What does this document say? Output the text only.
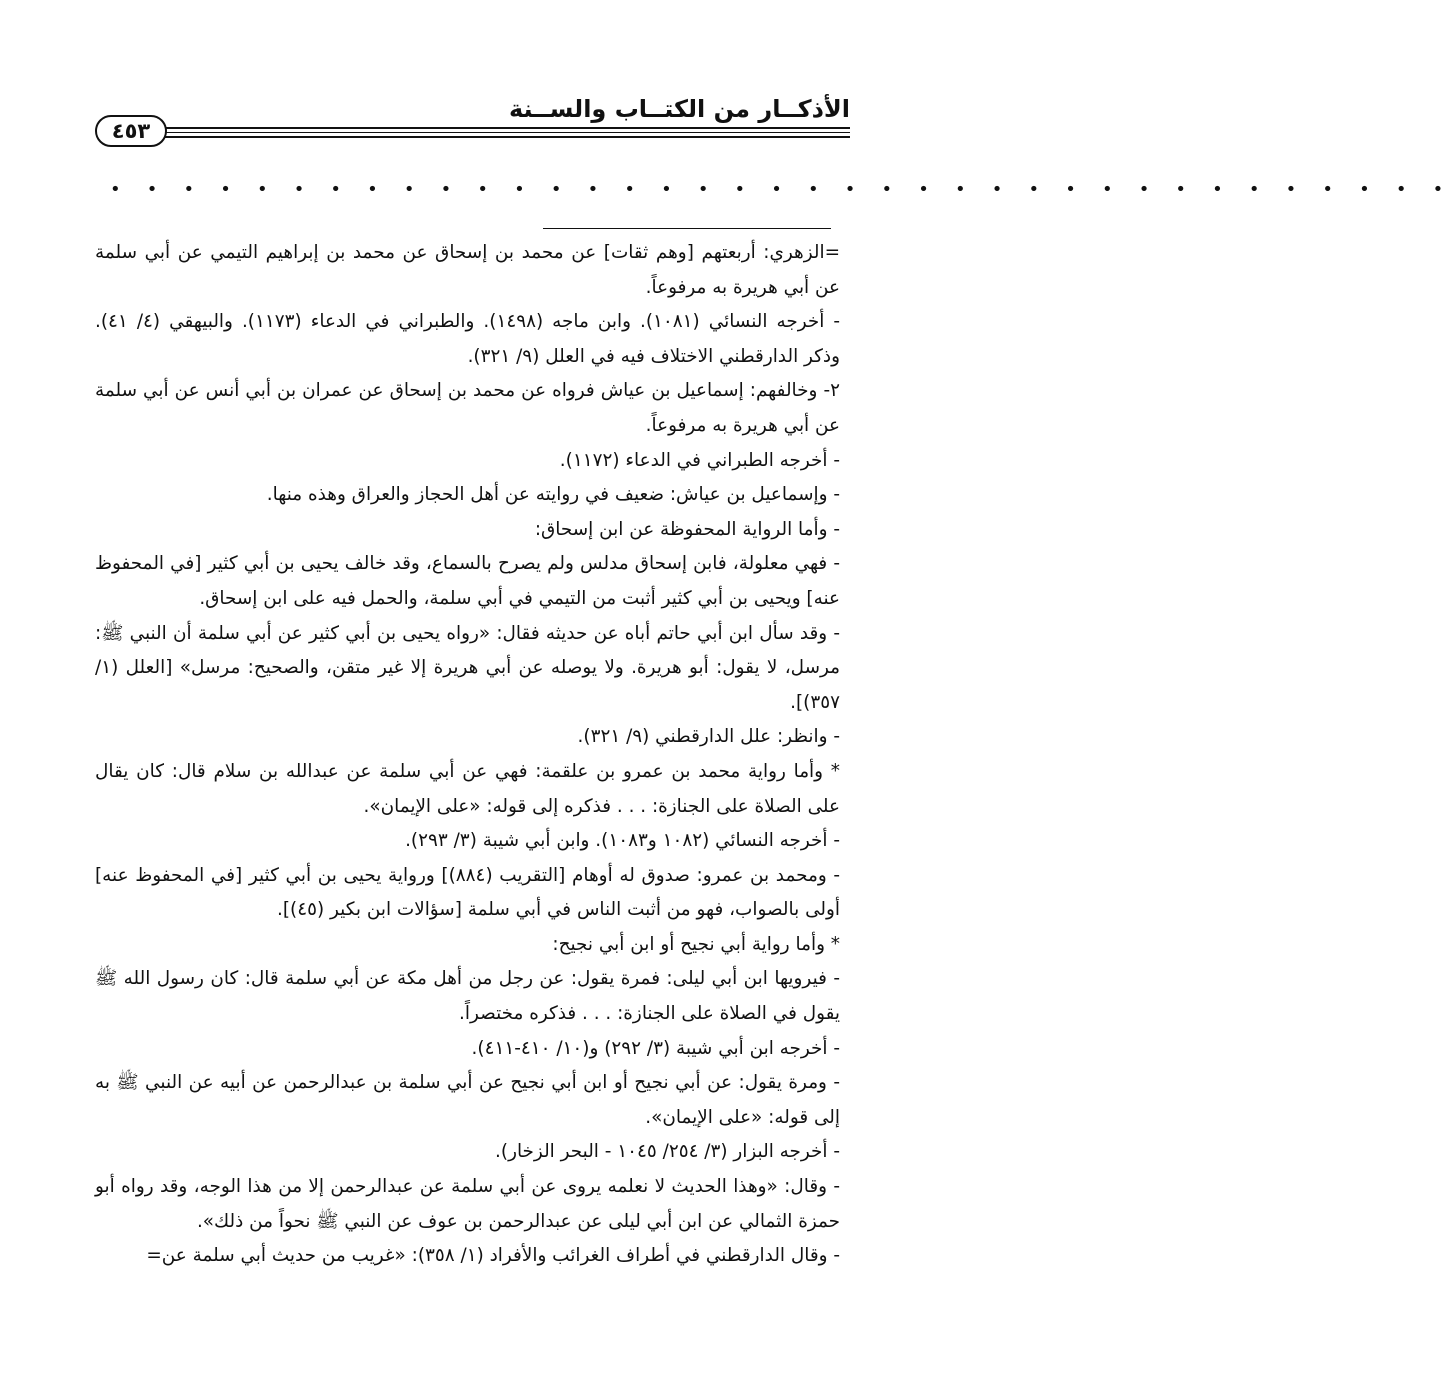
الأذكــار من الكتــاب والســنة
٤٥٣
• • • • • • • • • • • • • • • • • • • • • • • • • • • • • • • • • • • • •

=الزهري: أربعتهم [وهم ثقات] عن محمد بن إسحاق عن محمد بن إبراهيم التيمي عن أبي سلمة عن أبي هريرة به مرفوعاً.

- أخرجه النسائي (١٠٨١). وابن ماجه (١٤٩٨). والطبراني في الدعاء (١١٧٣). والبيهقي (٤/ ٤١). وذكر الدارقطني الاختلاف فيه في العلل (٩/ ٣٢١).

٢- وخالفهم: إسماعيل بن عياش فرواه عن محمد بن إسحاق عن عمران بن أبي أنس عن أبي سلمة عن أبي هريرة به مرفوعاً.

- أخرجه الطبراني في الدعاء (١١٧٢).

- وإسماعيل بن عياش: ضعيف في روايته عن أهل الحجاز والعراق وهذه منها.

- وأما الرواية المحفوظة عن ابن إسحاق:

- فهي معلولة، فابن إسحاق مدلس ولم يصرح بالسماع، وقد خالف يحيى بن أبي كثير [في المحفوظ عنه] ويحيى بن أبي كثير أثبت من التيمي في أبي سلمة، والحمل فيه على ابن إسحاق.

- وقد سأل ابن أبي حاتم أباه عن حديثه فقال: «رواه يحيى بن أبي كثير عن أبي سلمة أن النبي ﷺ: مرسل، لا يقول: أبو هريرة. ولا يوصله عن أبي هريرة إلا غير متقن، والصحيح: مرسل» [العلل (١/ ٣٥٧)].

- وانظر: علل الدارقطني (٩/ ٣٢١).

* وأما رواية محمد بن عمرو بن علقمة: فهي عن أبي سلمة عن عبدالله بن سلام قال: كان يقال على الصلاة على الجنازة: . . . فذكره إلى قوله: «على الإيمان».

- أخرجه النسائي (١٠٨٢ و١٠٨٣). وابن أبي شيبة (٣/ ٢٩٣).

- ومحمد بن عمرو: صدوق له أوهام [التقريب (٨٨٤)] ورواية يحيى بن أبي كثير [في المحفوظ عنه] أولى بالصواب، فهو من أثبت الناس في أبي سلمة [سؤالات ابن بكير (٤٥)].

* وأما رواية أبي نجيح أو ابن أبي نجيح:

- فيرويها ابن أبي ليلى: فمرة يقول: عن رجل من أهل مكة عن أبي سلمة قال: كان رسول الله ﷺ يقول في الصلاة على الجنازة: . . . فذكره مختصراً.

- أخرجه ابن أبي شيبة (٣/ ٢٩٢) و(١٠/ ٤١٠-٤١١).

- ومرة يقول: عن أبي نجيح أو ابن أبي نجيح عن أبي سلمة بن عبدالرحمن عن أبيه عن النبي ﷺ به إلى قوله: «على الإيمان».

- أخرجه البزار (٣/ ٢٥٤/ ١٠٤٥ - البحر الزخار).

- وقال: «وهذا الحديث لا نعلمه يروى عن أبي سلمة عن عبدالرحمن إلا من هذا الوجه، وقد رواه أبو حمزة الثمالي عن ابن أبي ليلى عن عبدالرحمن بن عوف عن النبي ﷺ نحواً من ذلك».

- وقال الدارقطني في أطراف الغرائب والأفراد (١/ ٣٥٨): «غريب من حديث أبي سلمة عن=
